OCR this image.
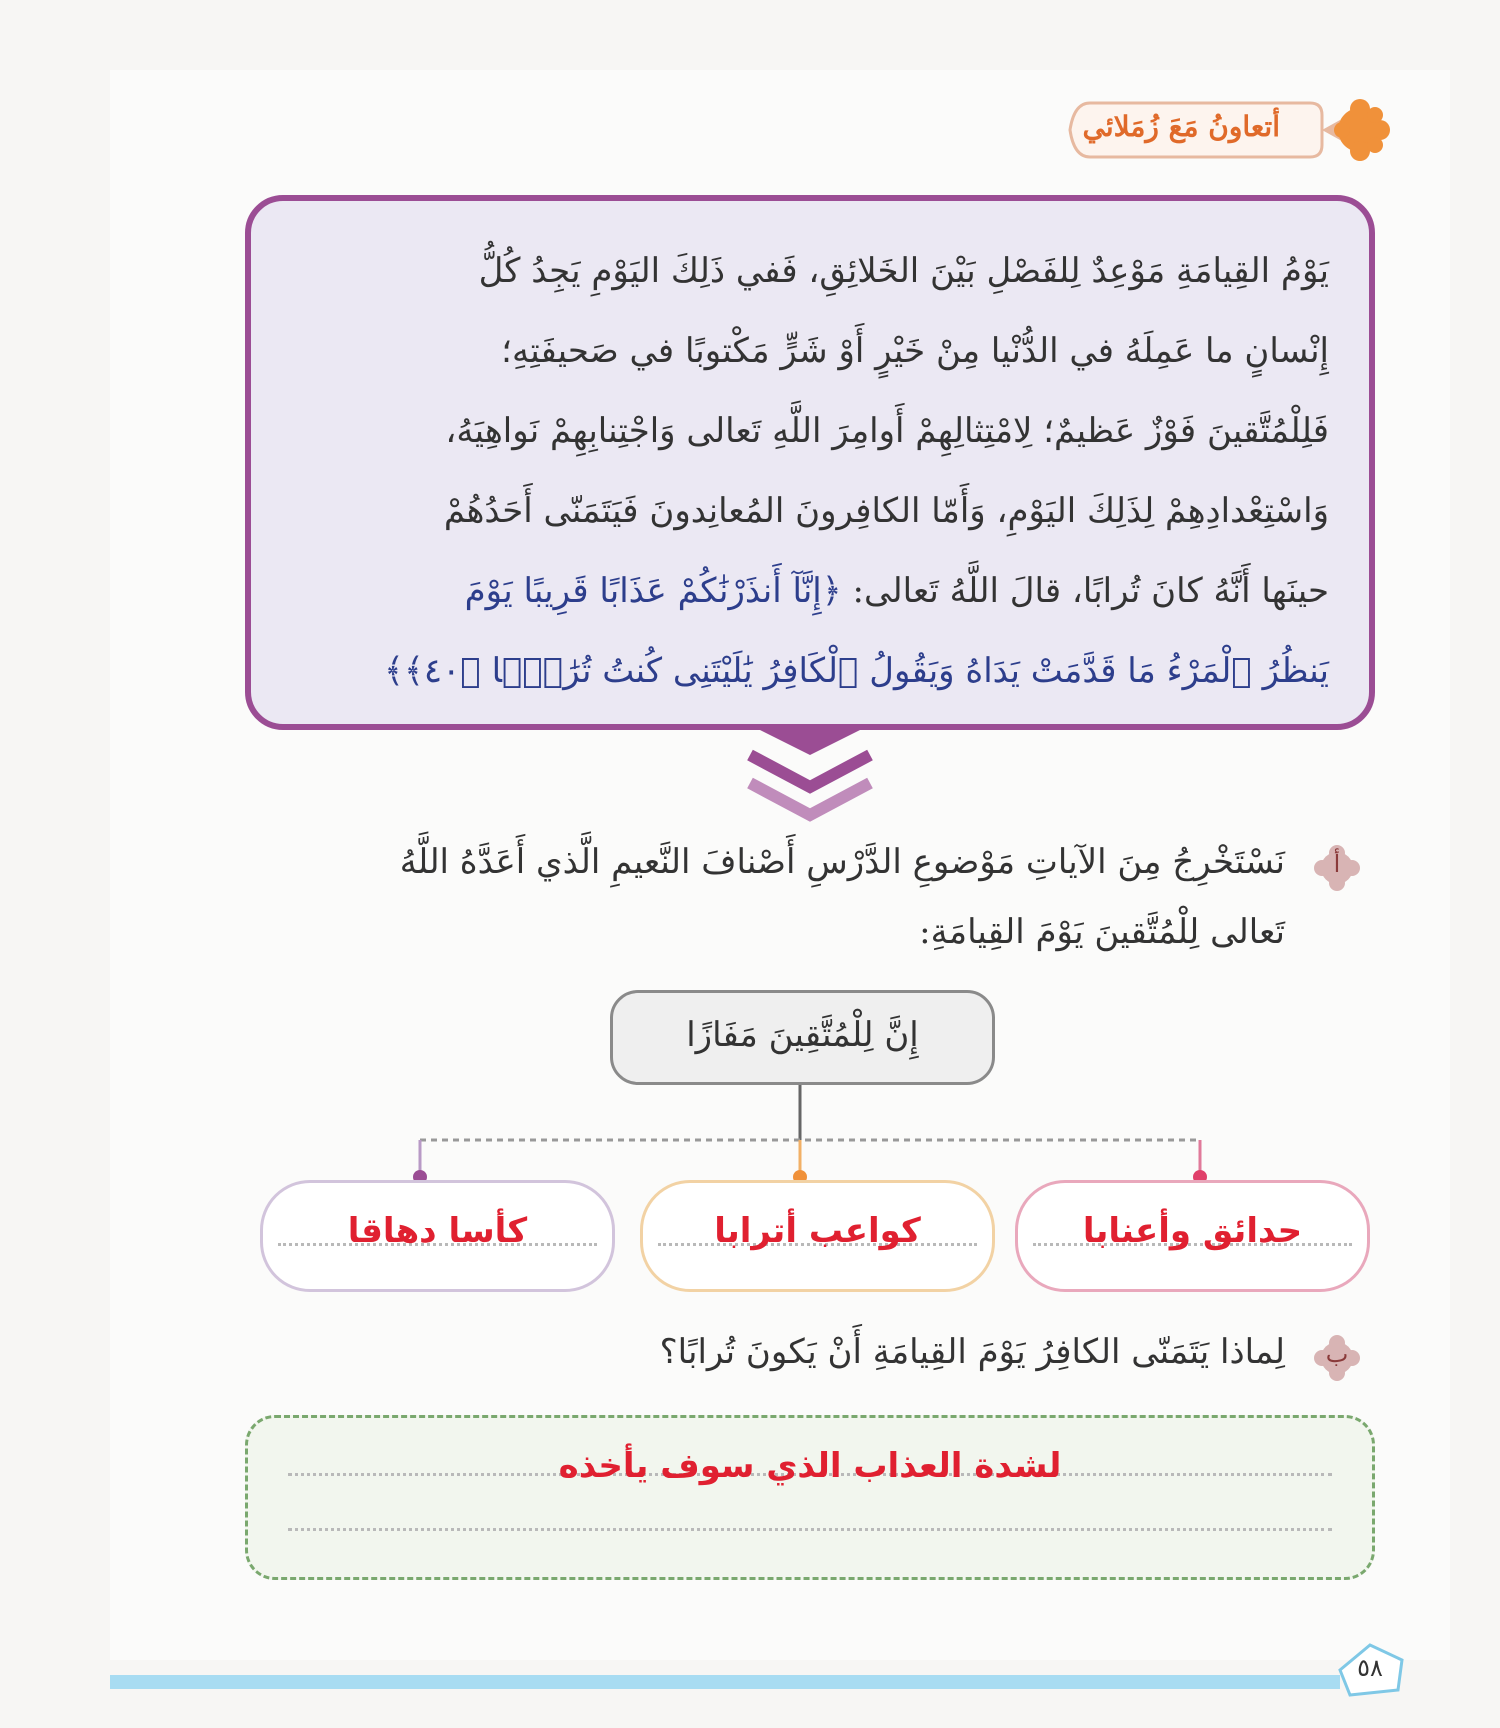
أتعاونُ مَعَ زُمَلائي
يَوْمُ القِيامَةِ مَوْعِدٌ لِلفَصْلِ بَيْنَ الخَلائِقِ، فَفي ذَلِكَ اليَوْمِ يَجِدُ كُلُّ
إِنْسانٍ ما عَمِلَهُ في الدُّنْيا مِنْ خَيْرٍ أَوْ شَرٍّ مَكْتوبًا في صَحيفَتِهِ؛
فَلِلْمُتَّقينَ فَوْزٌ عَظيمٌ؛ لِامْتِثالِهِمْ أَوامِرَ اللَّهِ تَعالى وَاجْتِنابِهِمْ نَواهِيَهُ،
وَاسْتِعْدادِهِمْ لِذَلِكَ اليَوْمِ، وَأَمّا الكافِرونَ المُعانِدونَ فَيَتَمَنّى أَحَدُهُمْ
حينَها أَنَّهُ كانَ تُرابًا، قالَ اللَّهُ تَعالى: ﴿إِنَّآ أَنذَرْنَٰكُمْ عَذَابًا قَرِيبًا يَوْمَ
يَنظُرُ ٱلْمَرْءُ مَا قَدَّمَتْ يَدَاهُ وَيَقُولُ ٱلْكَافِرُ يَٰلَيْتَنِى كُنتُ تُرَٰبًۢا ﴿٤٠﴾﴾
أ
نَسْتَخْرِجُ مِنَ الآياتِ مَوْضوعِ الدَّرْسِ أَصْنافَ النَّعيمِ الَّذي أَعَدَّهُ اللَّهُ
تَعالى لِلْمُتَّقينَ يَوْمَ القِيامَةِ:
إِنَّ لِلْمُتَّقِينَ مَفَازًا
حدائق وأعنابا
كواعب أترابا
كأسا دهاقا
ب
لِماذا يَتَمَنّى الكافِرُ يَوْمَ القِيامَةِ أَنْ يَكونَ تُرابًا؟
لشدة العذاب الذي سوف يأخذه
٥٨
